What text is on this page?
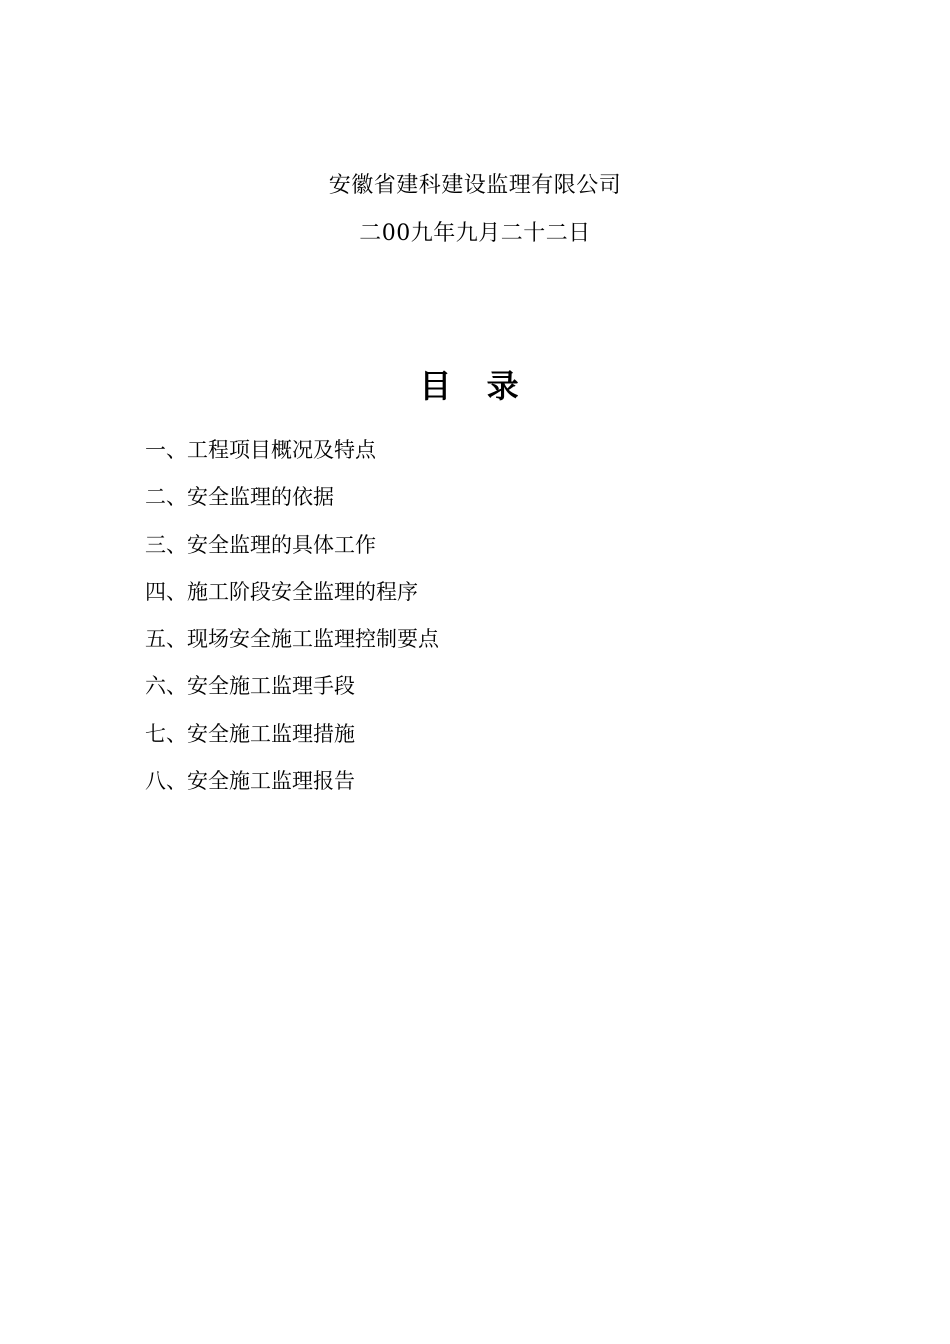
安徽省建科建设监理有限公司
二00九年九月二十二日
目 录
一、工程项目概况及特点
二、安全监理的依据
三、安全监理的具体工作
四、施工阶段安全监理的程序
五、现场安全施工监理控制要点
六、安全施工监理手段
七、安全施工监理措施
八、安全施工监理报告
